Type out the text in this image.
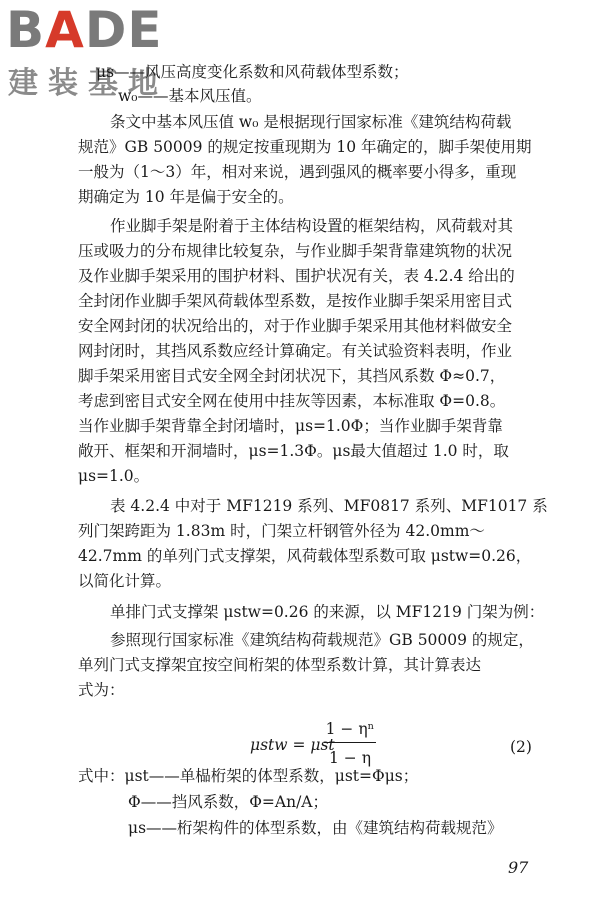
BADE
建装基地
μs——风压高度变化系数和风荷载体型系数；
w₀——基本风压值。
条文中基本风压值 w₀ 是根据现行国家标准《建筑结构荷载
规范》GB 50009 的规定按重现期为 10 年确定的，脚手架使用期
一般为（1～3）年，相对来说，遇到强风的概率要小得多，重现
期确定为 10 年是偏于安全的。
作业脚手架是附着于主体结构设置的框架结构，风荷载对其
压或吸力的分布规律比较复杂，与作业脚手架背靠建筑物的状况
及作业脚手架采用的围护材料、围护状况有关，表 4.2.4 给出的
全封闭作业脚手架风荷载体型系数，是按作业脚手架采用密目式
安全网封闭的状况给出的，对于作业脚手架采用其他材料做安全
网封闭时，其挡风系数应经计算确定。有关试验资料表明，作业
脚手架采用密目式安全网全封闭状况下，其挡风系数 Φ≈0.7，
考虑到密目式安全网在使用中挂灰等因素，本标准取 Φ=0.8。
当作业脚手架背靠全封闭墙时，μs=1.0Φ；当作业脚手架背靠
敞开、框架和开洞墙时，μs=1.3Φ。μs最大值超过 1.0 时，取
μs=1.0。
表 4.2.4 中对于 MF1219 系列、MF0817 系列、MF1017 系
列门架跨距为 1.83m 时，门架立杆钢管外径为 42.0mm～
42.7mm 的单列门式支撑架，风荷载体型系数可取 μstw=0.26，
以简化计算。
单排门式支撑架 μstw=0.26 的来源，以 MF1219 门架为例：
参照现行国家标准《建筑结构荷载规范》GB 50009 的规定，
单列门式支撑架宜按空间桁架的体型系数计算，其计算表达
式为：
μstw = μst
1 − ηⁿ
1 − η
(2)
式中：μst——单榀桁架的体型系数，μst=Φμs；
Φ——挡风系数，Φ=An/A；
μs——桁架构件的体型系数，由《建筑结构荷载规范》
97
